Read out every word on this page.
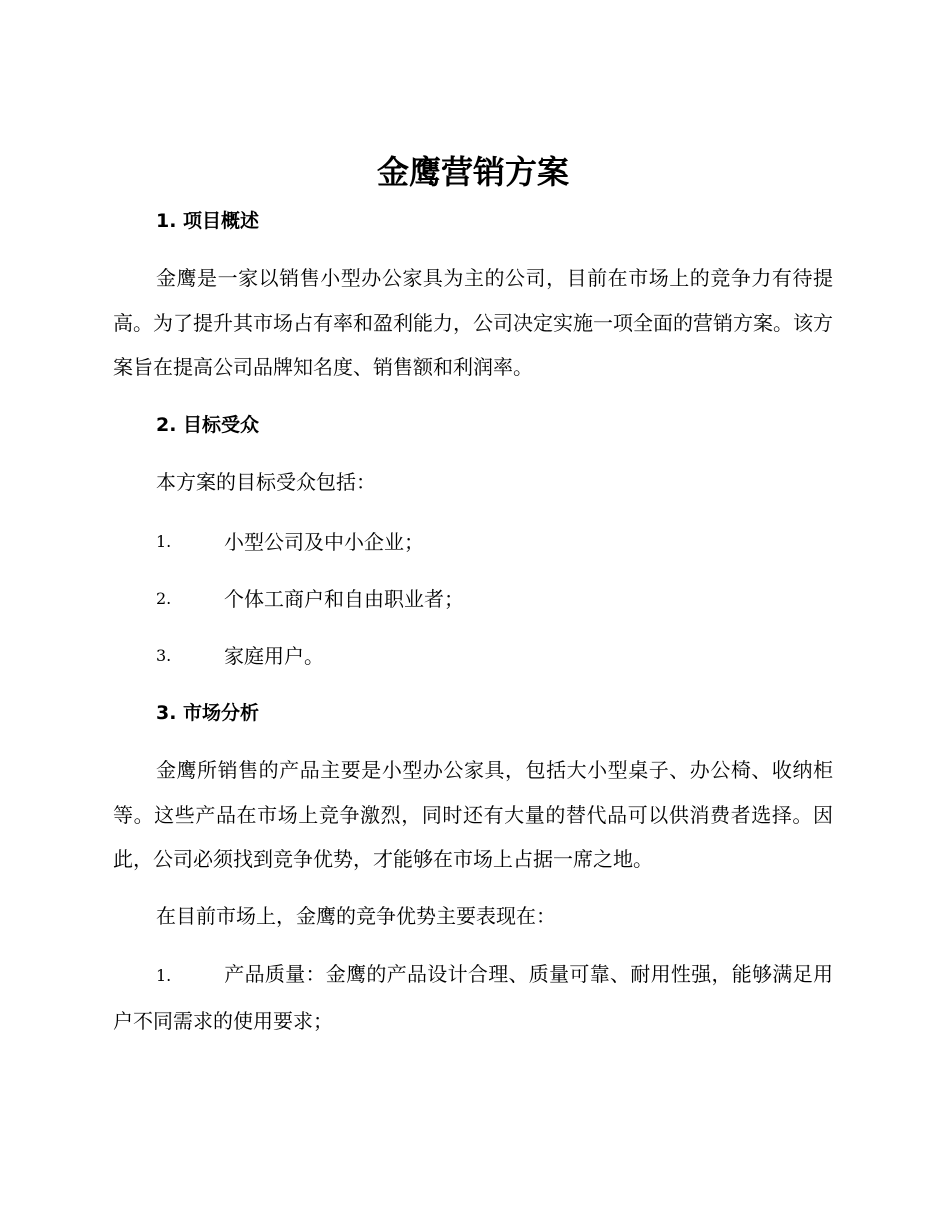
金鹰营销方案
1. 项目概述

金鹰是一家以销售小型办公家具为主的公司，目前在市场上的竞争力有待提高。为了提升其市场占有率和盈利能力，公司决定实施一项全面的营销方案。该方案旨在提高公司品牌知名度、销售额和利润率。

2. 目标受众

本方案的目标受众包括：

1.	小型公司及中小企业；
2.	个体工商户和自由职业者；
3.	家庭用户。
3. 市场分析

金鹰所销售的产品主要是小型办公家具，包括大小型桌子、办公椅、收纳柜等。这些产品在市场上竞争激烈，同时还有大量的替代品可以供消费者选择。因此，公司必须找到竞争优势，才能够在市场上占据一席之地。

在目前市场上，金鹰的竞争优势主要表现在：

1.	产品质量：金鹰的产品设计合理、质量可靠、耐用性强，能够满足用户不同需求的使用要求；
